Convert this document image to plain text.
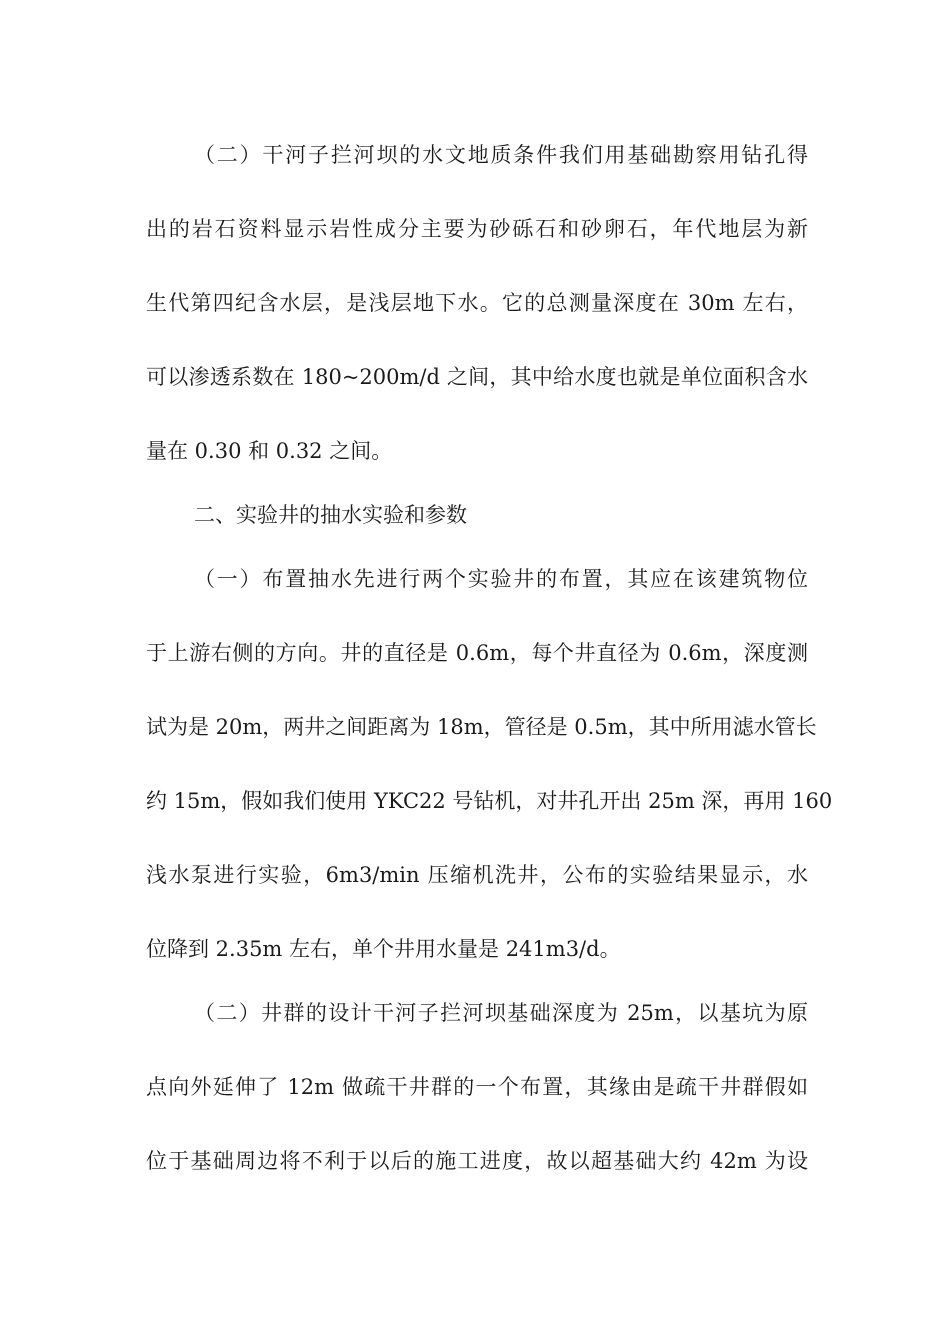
（二）干河子拦河坝的水文地质条件我们用基础勘察用钻孔得
出的岩石资料显示岩性成分主要为砂砾石和砂卵石，年代地层为新
生代第四纪含水层，是浅层地下水。它的总测量深度在 30m 左右，
可以渗透系数在 180~200m/d 之间，其中给水度也就是单位面积含水
量在 0.30 和 0.32 之间。
二、实验井的抽水实验和参数
（一）布置抽水先进行两个实验井的布置，其应在该建筑物位
于上游右侧的方向。井的直径是 0.6m，每个井直径为 0.6m，深度测
试为是 20m，两井之间距离为 18m，管径是 0.5m，其中所用滤水管长
约 15m，假如我们使用 YKC22 号钻机，对井孔开出 25m 深，再用 160
浅水泵进行实验，6m3/min 压缩机洗井，公布的实验结果显示，水
位降到 2.35m 左右，单个井用水量是 241m3/d。
（二）井群的设计干河子拦河坝基础深度为 25m，以基坑为原
点向外延伸了 12m 做疏干井群的一个布置，其缘由是疏干井群假如
位于基础周边将不利于以后的施工进度，故以超基础大约 42m 为设
